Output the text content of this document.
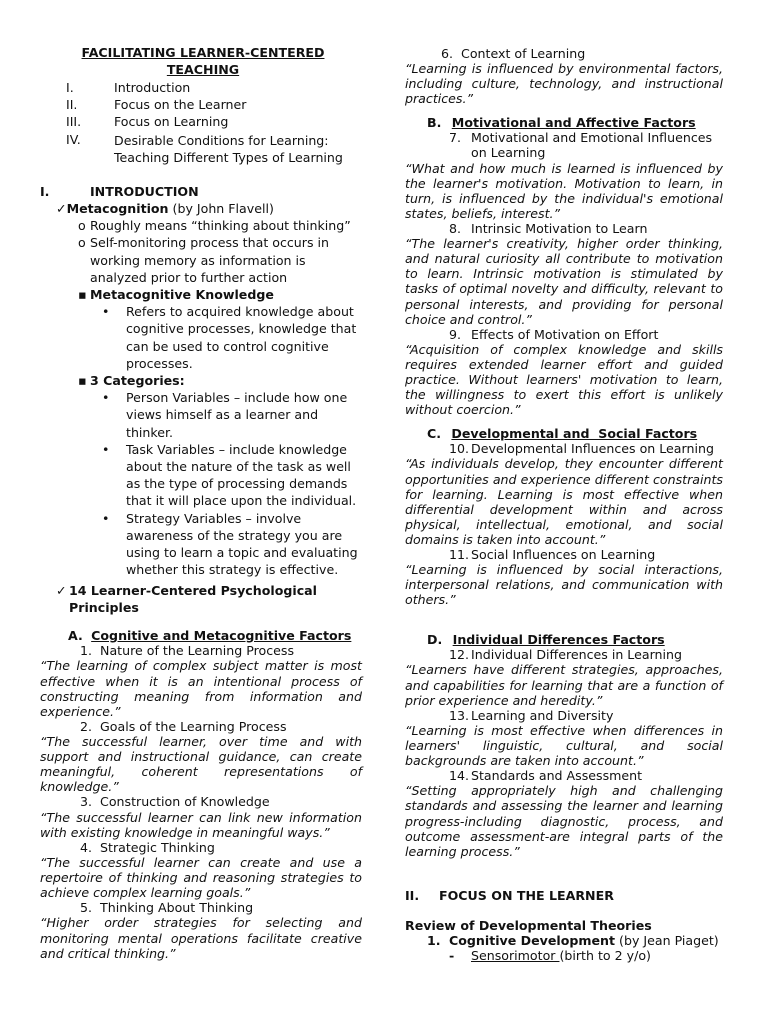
FACILITATING LEARNER-CENTERED
TEACHING
I.	Introduction
II.	Focus on the Learner
III.	Focus on Learning
IV.	Desirable Conditions for Learning:
Teaching Different Types of Learning
I.	INTRODUCTION
✓Metacognition (by John Flavell)
o Roughly means “thinking about thinking”
o Self-monitoring process that occurs in working memory as information is analyzed prior to further action
▪ Metacognitive Knowledge
•	Refers to acquired knowledge about cognitive processes, knowledge that can be used to control cognitive processes.
▪ 3 Categories:
•	Person Variables – include how one views himself as a learner and thinker.
•	Task Variables – include knowledge about the nature of the task as well as the type of processing demands that it will place upon the individual.
•	Strategy Variables – involve awareness of the strategy you are using to learn a topic and evaluating whether this strategy is effective.
✓ 14 Learner-Centered Psychological Principles
A. Cognitive and Metacognitive Factors
1. Nature of the Learning Process
“The learning of complex subject matter is most effective when it is an intentional process of constructing meaning from information and experience.”
2. Goals of the Learning Process
“The successful learner, over time and with support and instructional guidance, can create meaningful, coherent representations of knowledge.”
3. Construction of Knowledge
“The successful learner can link new information with existing knowledge in meaningful ways.”
4. Strategic Thinking
“The successful learner can create and use a repertoire of thinking and reasoning strategies to achieve complex learning goals.”
5. Thinking About Thinking
“Higher order strategies for selecting and monitoring mental operations facilitate creative and critical thinking.”
6. Context of Learning
“Learning is influenced by environmental factors, including culture, technology, and instructional practices.”
B. Motivational and Affective Factors
7. Motivational and Emotional Influences
on Learning
“What and how much is learned is influenced by the learner's motivation. Motivation to learn, in turn, is influenced by the individual's emotional states, beliefs, interest.”
8. Intrinsic Motivation to Learn
“The learner's creativity, higher order thinking, and natural curiosity all contribute to motivation to learn. Intrinsic motivation is stimulated by tasks of optimal novelty and difficulty, relevant to personal interests, and providing for personal choice and control.”
9. Effects of Motivation on Effort
“Acquisition of complex knowledge and skills requires extended learner effort and guided practice. Without learners' motivation to learn, the willingness to exert this effort is unlikely without coercion.”
C. Developmental and  Social Factors
10. Developmental Influences on Learning
“As individuals develop, they encounter different opportunities and experience different constraints for learning. Learning is most effective when differential development within and across physical, intellectual, emotional, and social domains is taken into account.”
11. Social Influences on Learning
“Learning is influenced by social interactions, interpersonal relations, and communication with others.”
D. Individual Differences Factors
12. Individual Differences in Learning
“Learners have different strategies, approaches, and capabilities for learning that are a function of prior experience and heredity.”
13. Learning and Diversity
“Learning is most effective when differences in learners' linguistic, cultural, and social backgrounds are taken into account.”
14. Standards and Assessment
“Setting appropriately high and challenging standards and assessing the learner and learning progress-including diagnostic, process, and outcome assessment-are integral parts of the learning process.”
II.	FOCUS ON THE LEARNER
Review of Developmental Theories
1. Cognitive Development (by Jean Piaget)
-	Sensorimotor (birth to 2 y/o)
